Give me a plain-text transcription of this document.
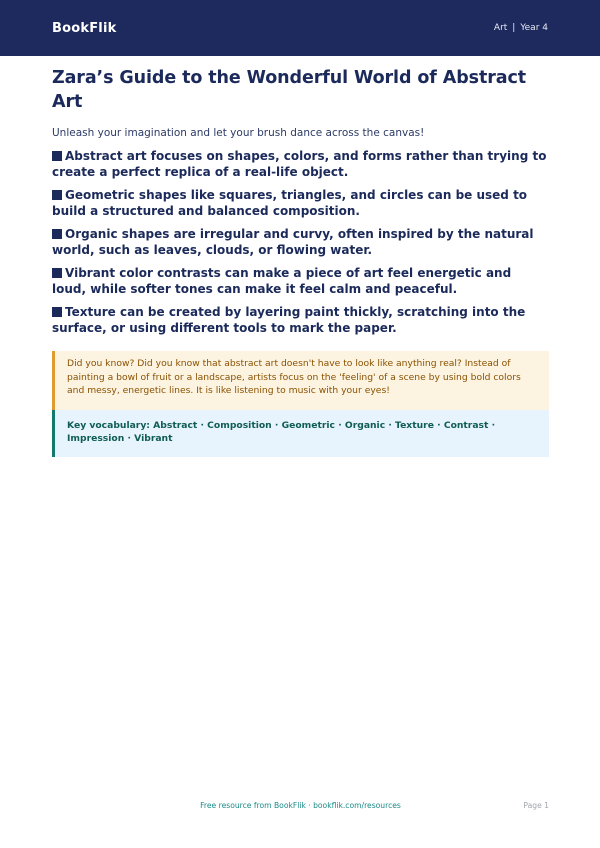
BookFlik	Art | Year 4
Zara’s Guide to the Wonderful World of Abstract Art

Unleash your imagination and let your brush dance across the canvas!

Abstract art focuses on shapes, colors, and forms rather than trying to create a perfect replica of a real-life object.
Geometric shapes like squares, triangles, and circles can be used to build a structured and balanced composition.
Organic shapes are irregular and curvy, often inspired by the natural world, such as leaves, clouds, or flowing water.
Vibrant color contrasts can make a piece of art feel energetic and loud, while softer tones can make it feel calm and peaceful.
Texture can be created by layering paint thickly, scratching into the surface, or using different tools to mark the paper.
Did you know? Did you know that abstract art doesn't have to look like anything real? Instead of painting a bowl of fruit or a landscape, artists focus on the 'feeling' of a scene by using bold colors and messy, energetic lines. It is like listening to music with your eyes!
Key vocabulary: Abstract · Composition · Geometric · Organic · Texture · Contrast · Impression · Vibrant
Free resource from BookFlik · bookflik.com/resources	Page 1
